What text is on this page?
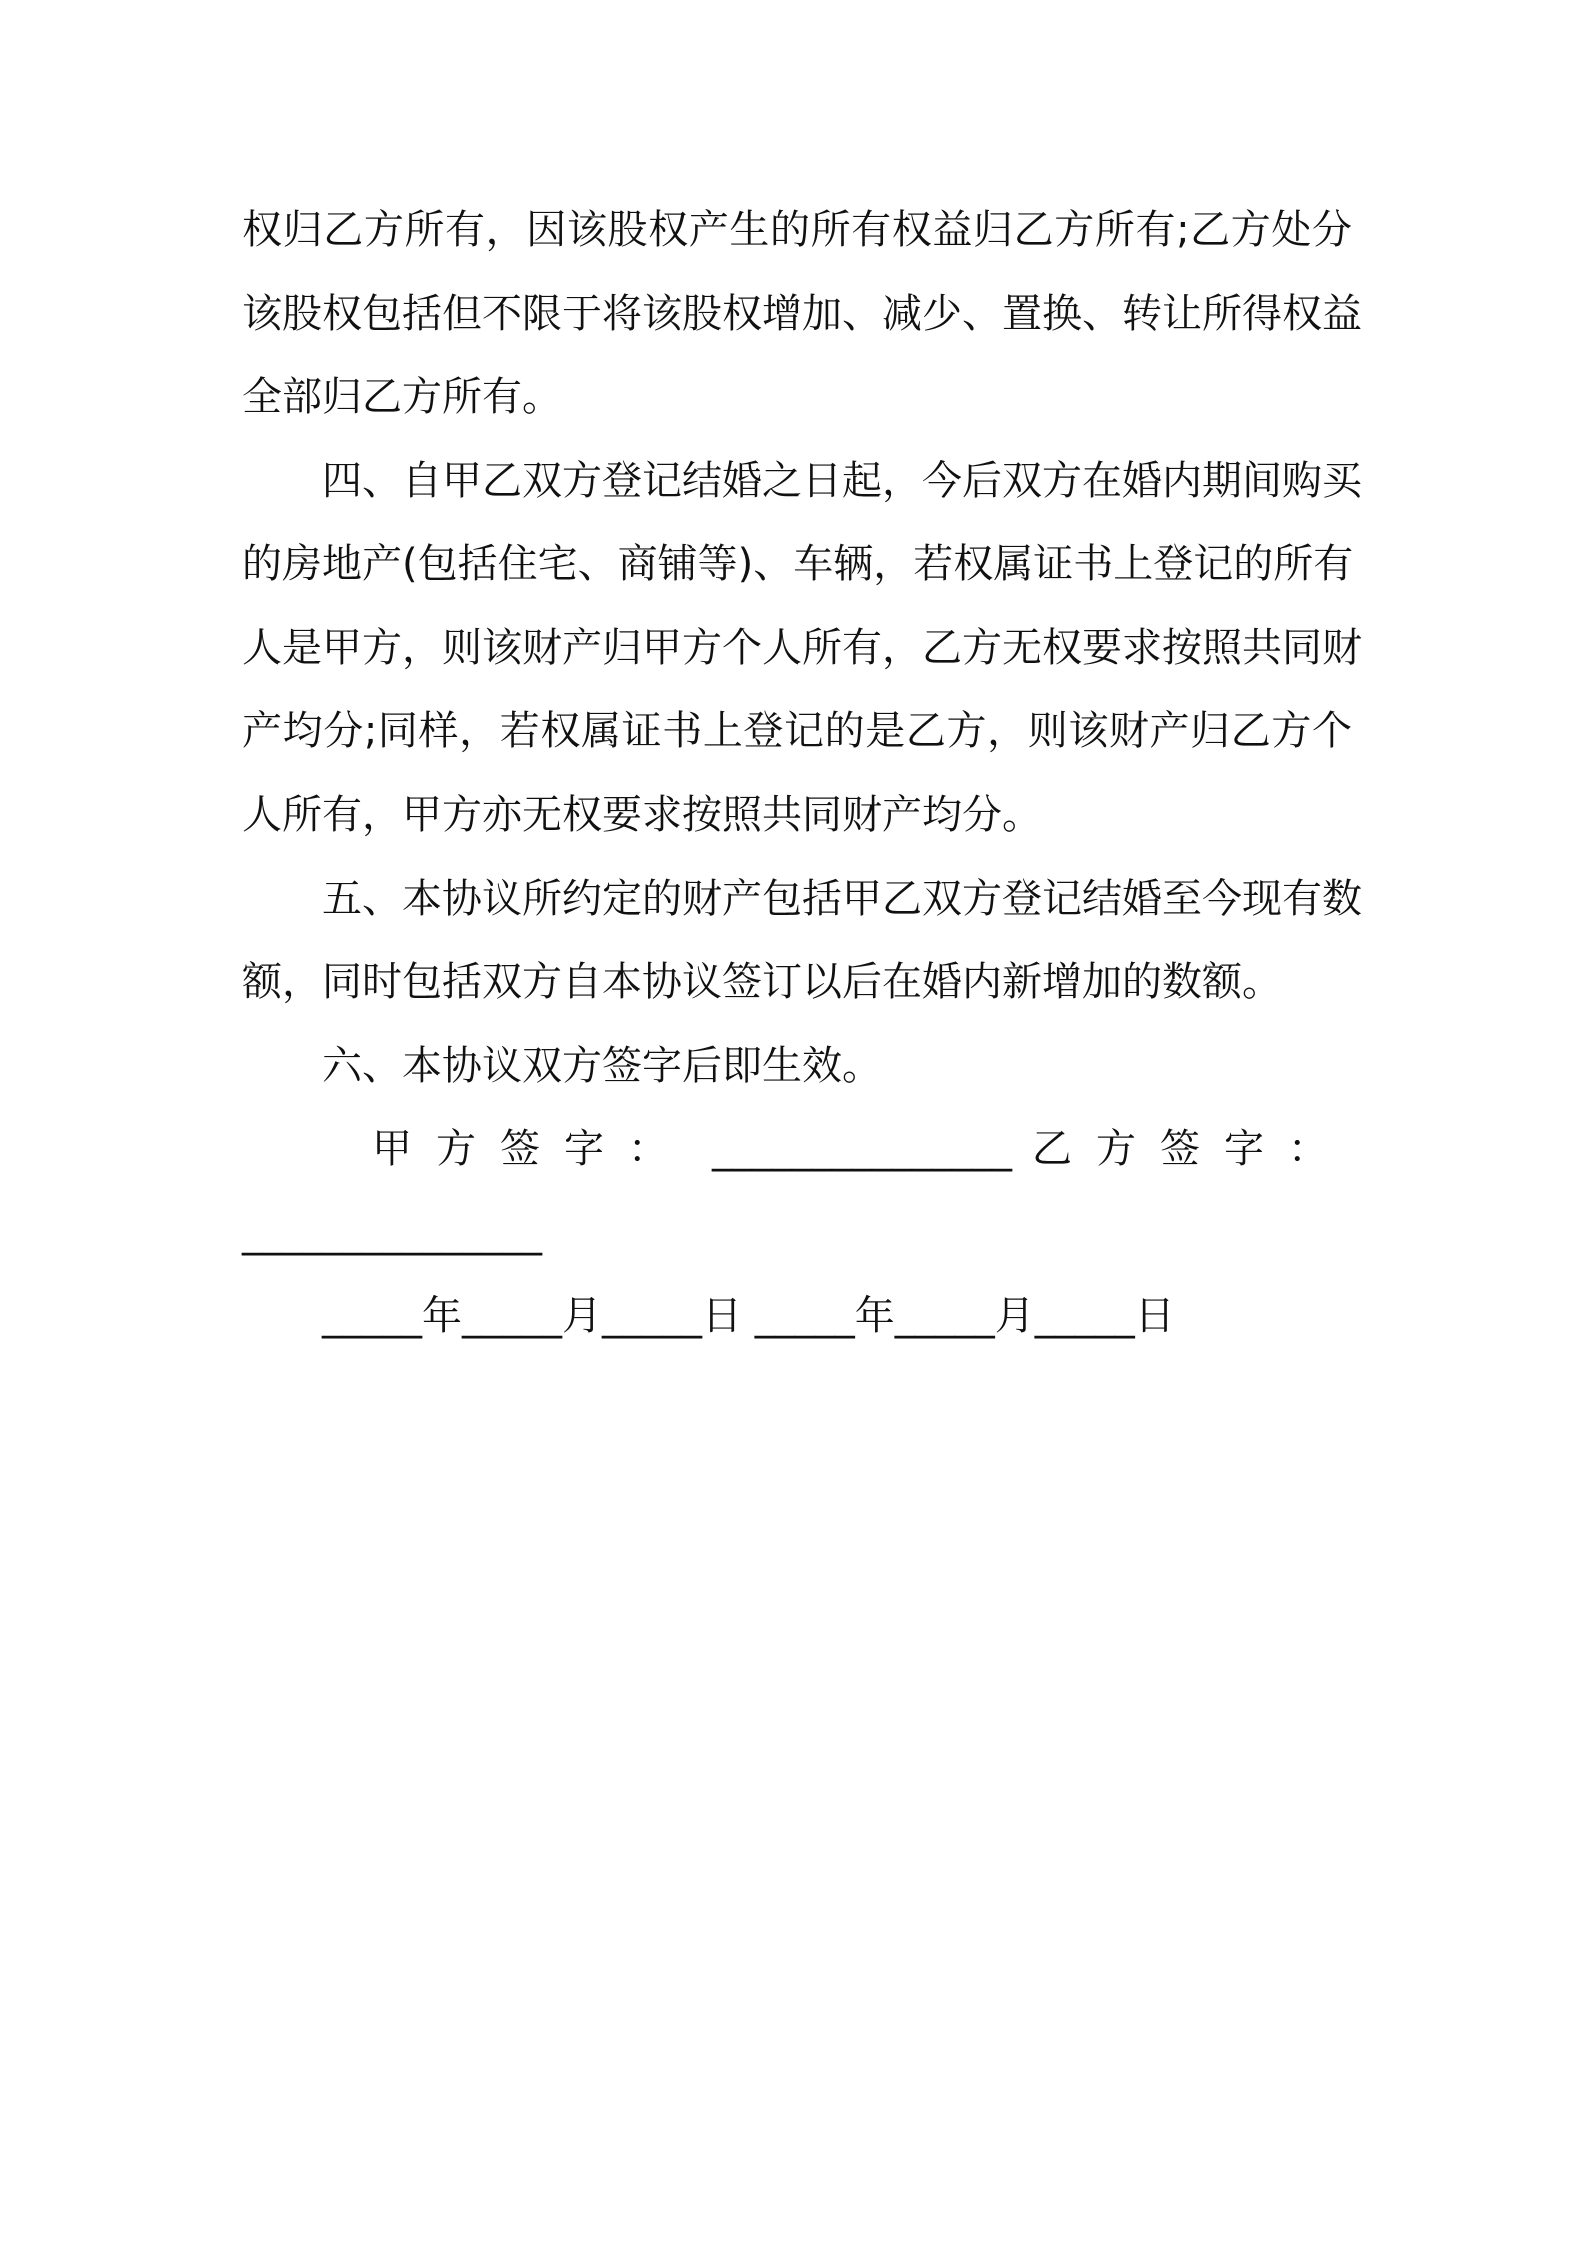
权归乙方所有，因该股权产生的所有权益归乙方所有;乙方处分
该股权包括但不限于将该股权增加、减少、置换、转让所得权益
全部归乙方所有。
四、自甲乙双方登记结婚之日起，今后双方在婚内期间购买
的房地产(包括住宅、商铺等)、车辆，若权属证书上登记的所有
人是甲方，则该财产归甲方个人所有，乙方无权要求按照共同财
产均分;同样，若权属证书上登记的是乙方，则该财产归乙方个
人所有，甲方亦无权要求按照共同财产均分。
五、本协议所约定的财产包括甲乙双方登记结婚至今现有数
额，同时包括双方自本协议签订以后在婚内新增加的数额。
六、本协议双方签字后即生效。
甲方签字： _______________ 乙方签字：
_______________
_____年_____月_____日 _____年_____月_____日
